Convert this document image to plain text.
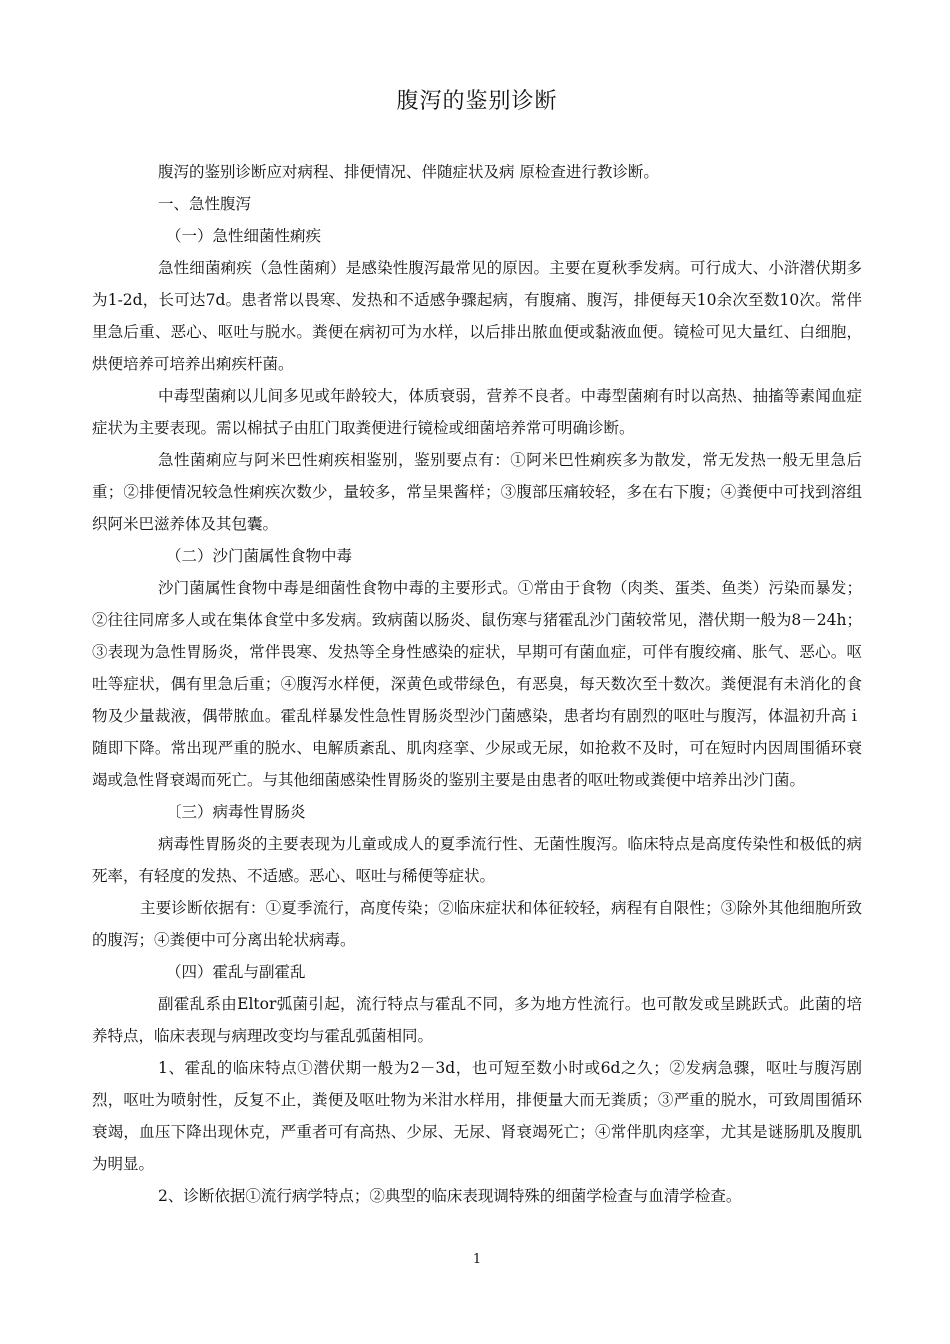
腹泻的鉴别诊断

腹泻的鉴别诊断应对病程、排便情况、伴随症状及病 原检查进行教诊断。

一、急性腹泻

（一）急性细菌性痢疾

急性细菌痢疾（急性菌痢）是感染性腹泻最常见的原因。主要在夏秋季发病。可行成大、小浒潜伏期多为1-2d，长可达7d。患者常以畏寒、发热和不适感争骤起病，有腹痛、腹泻，排便每天10余次至数10次。常伴里急后重、恶心、呕吐与脱水。粪便在病初可为水样，以后排出脓血便或黏液血便。镜检可见大量红、白细胞，烘便培养可培养出痢疾杆菌。

中毒型菌痢以儿间多见或年龄较大，体质衰弱，营养不良者。中毒型菌痢有时以高热、抽搐等素闻血症症状为主要表现。需以棉拭子由肛门取粪便进行镜检或细菌培养常可明确诊断。

急性菌痢应与阿米巴性痢疾相鉴别，鉴别要点有：①阿米巴性痢疾多为散发，常无发热一般无里急后重；②排便情况较急性痢疾次数少，量较多，常呈果酱样；③腹部压痛较轻，多在右下腹；④粪便中可找到溶组织阿米巴滋养体及其包囊。

（二）沙门菌属性食物中毒

沙门菌属性食物中毒是细菌性食物中毒的主要形式。①常由于食物（肉类、蛋类、鱼类）污染而暴发；②往往同席多人或在集体食堂中多发病。致病菌以肠炎、鼠伤寒与猪霍乱沙门菌较常见，潜伏期一般为8－24h；③表现为急性胃肠炎，常伴畏寒、发热等全身性感染的症状，早期可有菌血症，可伴有腹绞痛、胀气、恶心。呕吐等症状，偶有里急后重；④腹泻水样便，深黄色或带绿色，有恶臭，每天数次至十数次。粪便混有未消化的食物及少量裁液，偶带脓血。霍乱样暴发性急性胃肠炎型沙门菌感染，患者均有剧烈的呕吐与腹泻，体温初升高ｉ随即下降。常出现严重的脱水、电解质紊乱、肌肉痉挛、少尿或无尿，如抢救不及时，可在短时内因周围循环衰竭或急性肾衰竭而死亡。与其他细菌感染性胃肠炎的鉴别主要是由患者的呕吐物或粪便中培养出沙门菌。

〔三）病毒性胃肠炎

病毒性胃肠炎的主要表现为儿童或成人的夏季流行性、无菌性腹泻。临床特点是高度传染性和极低的病死率，有轻度的发热、不适感。恶心、呕吐与稀便等症状。

主要诊断依据有：①夏季流行，高度传染；②临床症状和体征较轻，病程有自限性；③除外其他细胞所致的腹泻；④粪便中可分离出轮状病毒。

（四）霍乱与副霍乱

副霍乱系由Eltor弧菌引起，流行特点与霍乱不同，多为地方性流行。也可散发或呈跳跃式。此菌的培养特点，临床表现与病理改变均与霍乱弧菌相同。

1、霍乱的临床特点①潜伏期一般为2－3d，也可短至数小时或6d之久；②发病急骤，呕吐与腹泻剧烈，呕吐为喷射性，反复不止，粪便及呕吐物为米泔水样用，排便量大而无粪质；③严重的脱水，可致周围循环衰竭，血压下降出现休克，严重者可有高热、少尿、无尿、肾衰竭死亡；④常伴肌肉痉挛，尤其是谜肠肌及腹肌为明显。

2、诊断依据①流行病学特点；②典型的临床表现调特殊的细菌学检查与血清学检查。

1
